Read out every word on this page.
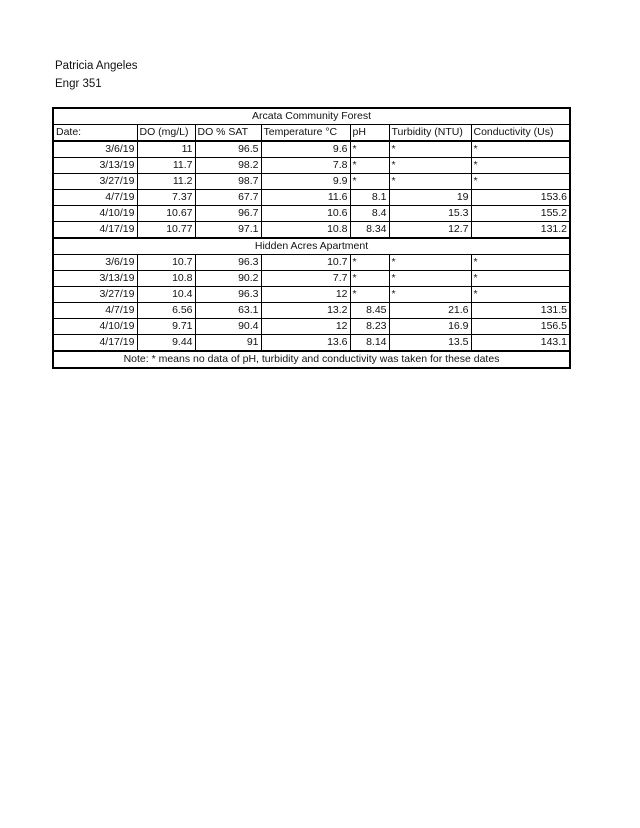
Patricia Angeles
Engr 351
Arcata Community Forest						
Date:	DO (mg/L)	DO % SAT	Temperature °C	pH	Turbidity (NTU)	Conductivity (Us)
3/6/19	11	96.5	9.6	*	*	*
3/13/19	11.7	98.2	7.8	*	*	*
3/27/19	11.2	98.7	9.9	*	*	*
4/7/19	7.37	67.7	11.6	8.1	19	153.6
4/10/19	10.67	96.7	10.6	8.4	15.3	155.2
4/17/19	10.77	97.1	10.8	8.34	12.7	131.2
Hidden Acres Apartment						
3/6/19	10.7	96.3	10.7	*	*	*
3/13/19	10.8	90.2	7.7	*	*	*
3/27/19	10.4	96.3	12	*	*	*
4/7/19	6.56	63.1	13.2	8.45	21.6	131.5
4/10/19	9.71	90.4	12	8.23	16.9	156.5
4/17/19	9.44	91	13.6	8.14	13.5	143.1
Note: * means no data of pH, turbidity and conductivity was taken for these dates						
